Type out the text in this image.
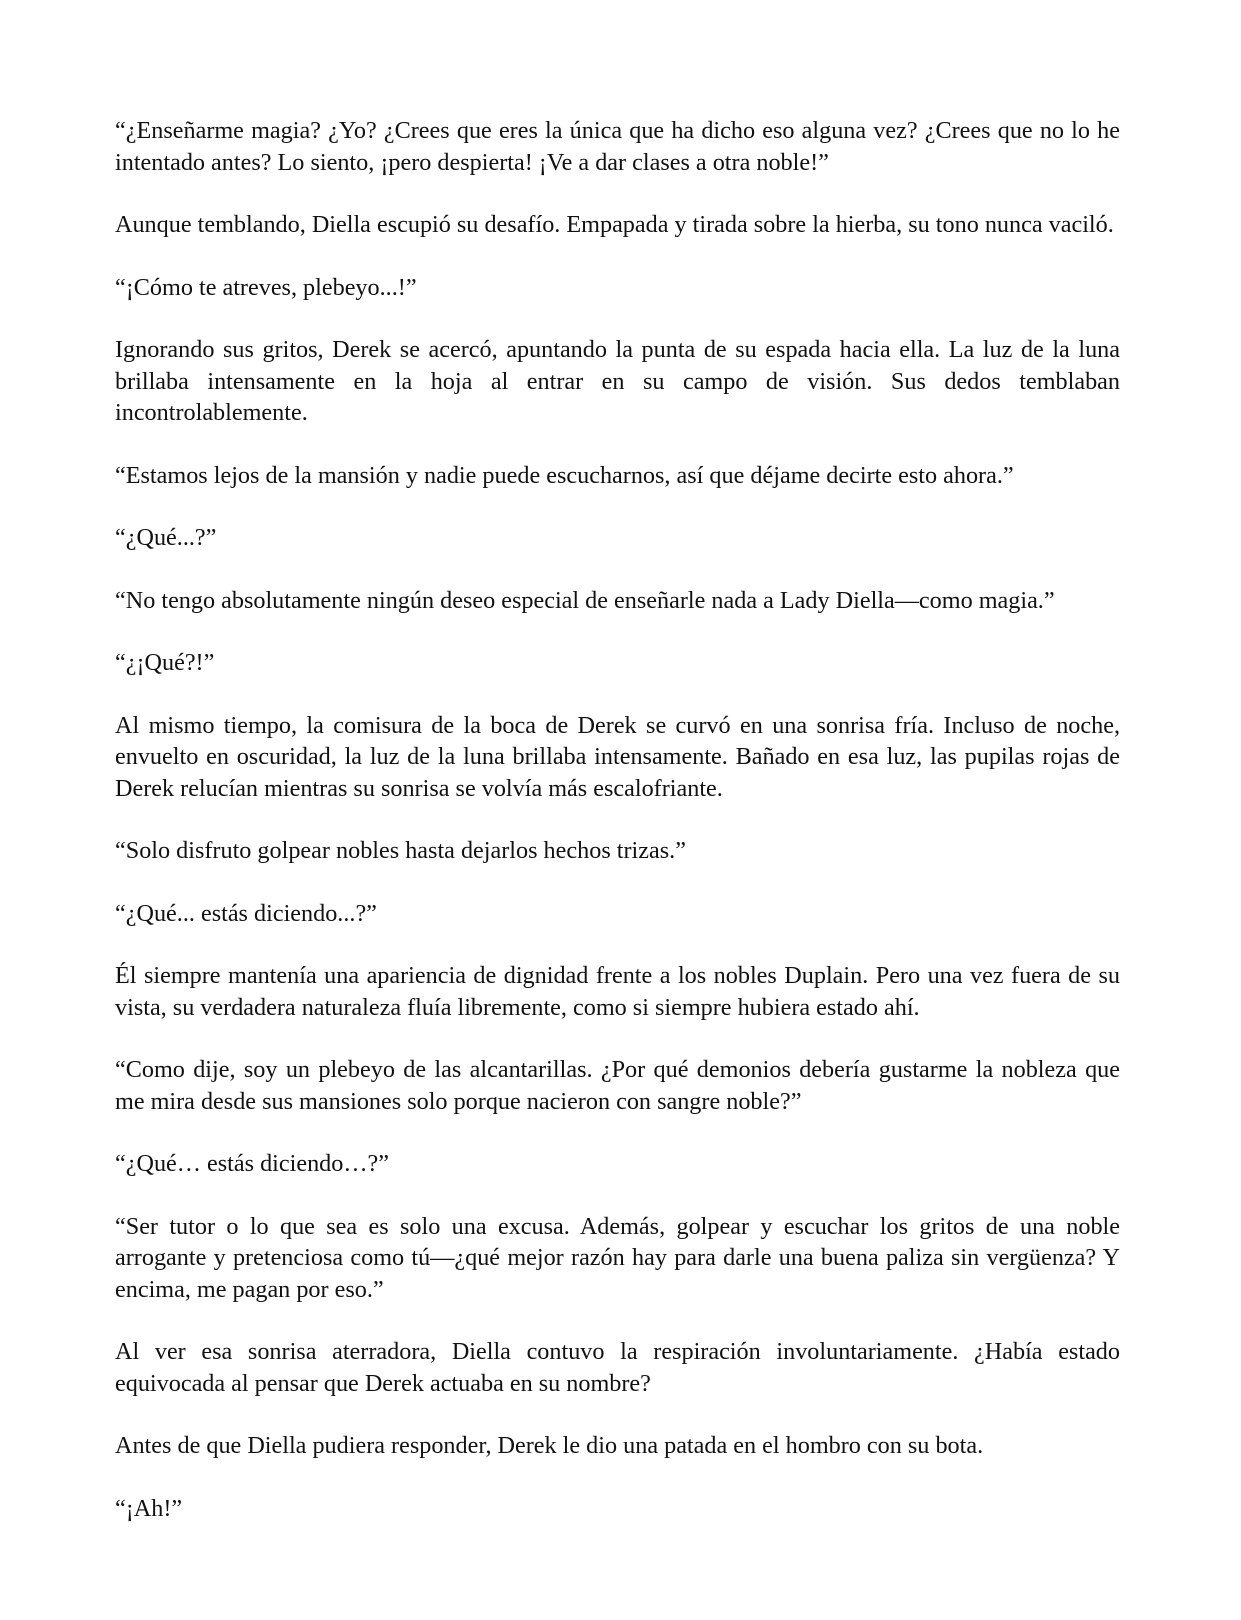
“¿Enseñarme magia? ¿Yo? ¿Crees que eres la única que ha dicho eso alguna vez? ¿Crees que no lo he intentado antes? Lo siento, ¡pero despierta! ¡Ve a dar clases a otra noble!”

Aunque temblando, Diella escupió su desafío. Empapada y tirada sobre la hierba, su tono nunca vaciló.

“¡Cómo te atreves, plebeyo...!”

Ignorando sus gritos, Derek se acercó, apuntando la punta de su espada hacia ella. La luz de la luna brillaba intensamente en la hoja al entrar en su campo de visión. Sus dedos temblaban incontrolablemente.

“Estamos lejos de la mansión y nadie puede escucharnos, así que déjame decirte esto ahora.”

“¿Qué...?”

“No tengo absolutamente ningún deseo especial de enseñarle nada a Lady Diella—como magia.”

“¿¡Qué?!”

Al mismo tiempo, la comisura de la boca de Derek se curvó en una sonrisa fría. Incluso de noche, envuelto en oscuridad, la luz de la luna brillaba intensamente. Bañado en esa luz, las pupilas rojas de Derek relucían mientras su sonrisa se volvía más escalofriante.

“Solo disfruto golpear nobles hasta dejarlos hechos trizas.”

“¿Qué... estás diciendo...?”

Él siempre mantenía una apariencia de dignidad frente a los nobles Duplain. Pero una vez fuera de su vista, su verdadera naturaleza fluía libremente, como si siempre hubiera estado ahí.

“Como dije, soy un plebeyo de las alcantarillas. ¿Por qué demonios debería gustarme la nobleza que me mira desde sus mansiones solo porque nacieron con sangre noble?”

“¿Qué… estás diciendo…?”

“Ser tutor o lo que sea es solo una excusa. Además, golpear y escuchar los gritos de una noble arrogante y pretenciosa como tú—¿qué mejor razón hay para darle una buena paliza sin vergüenza? Y encima, me pagan por eso.”

Al ver esa sonrisa aterradora, Diella contuvo la respiración involuntariamente. ¿Había estado equivocada al pensar que Derek actuaba en su nombre?

Antes de que Diella pudiera responder, Derek le dio una patada en el hombro con su bota.

“¡Ah!”
